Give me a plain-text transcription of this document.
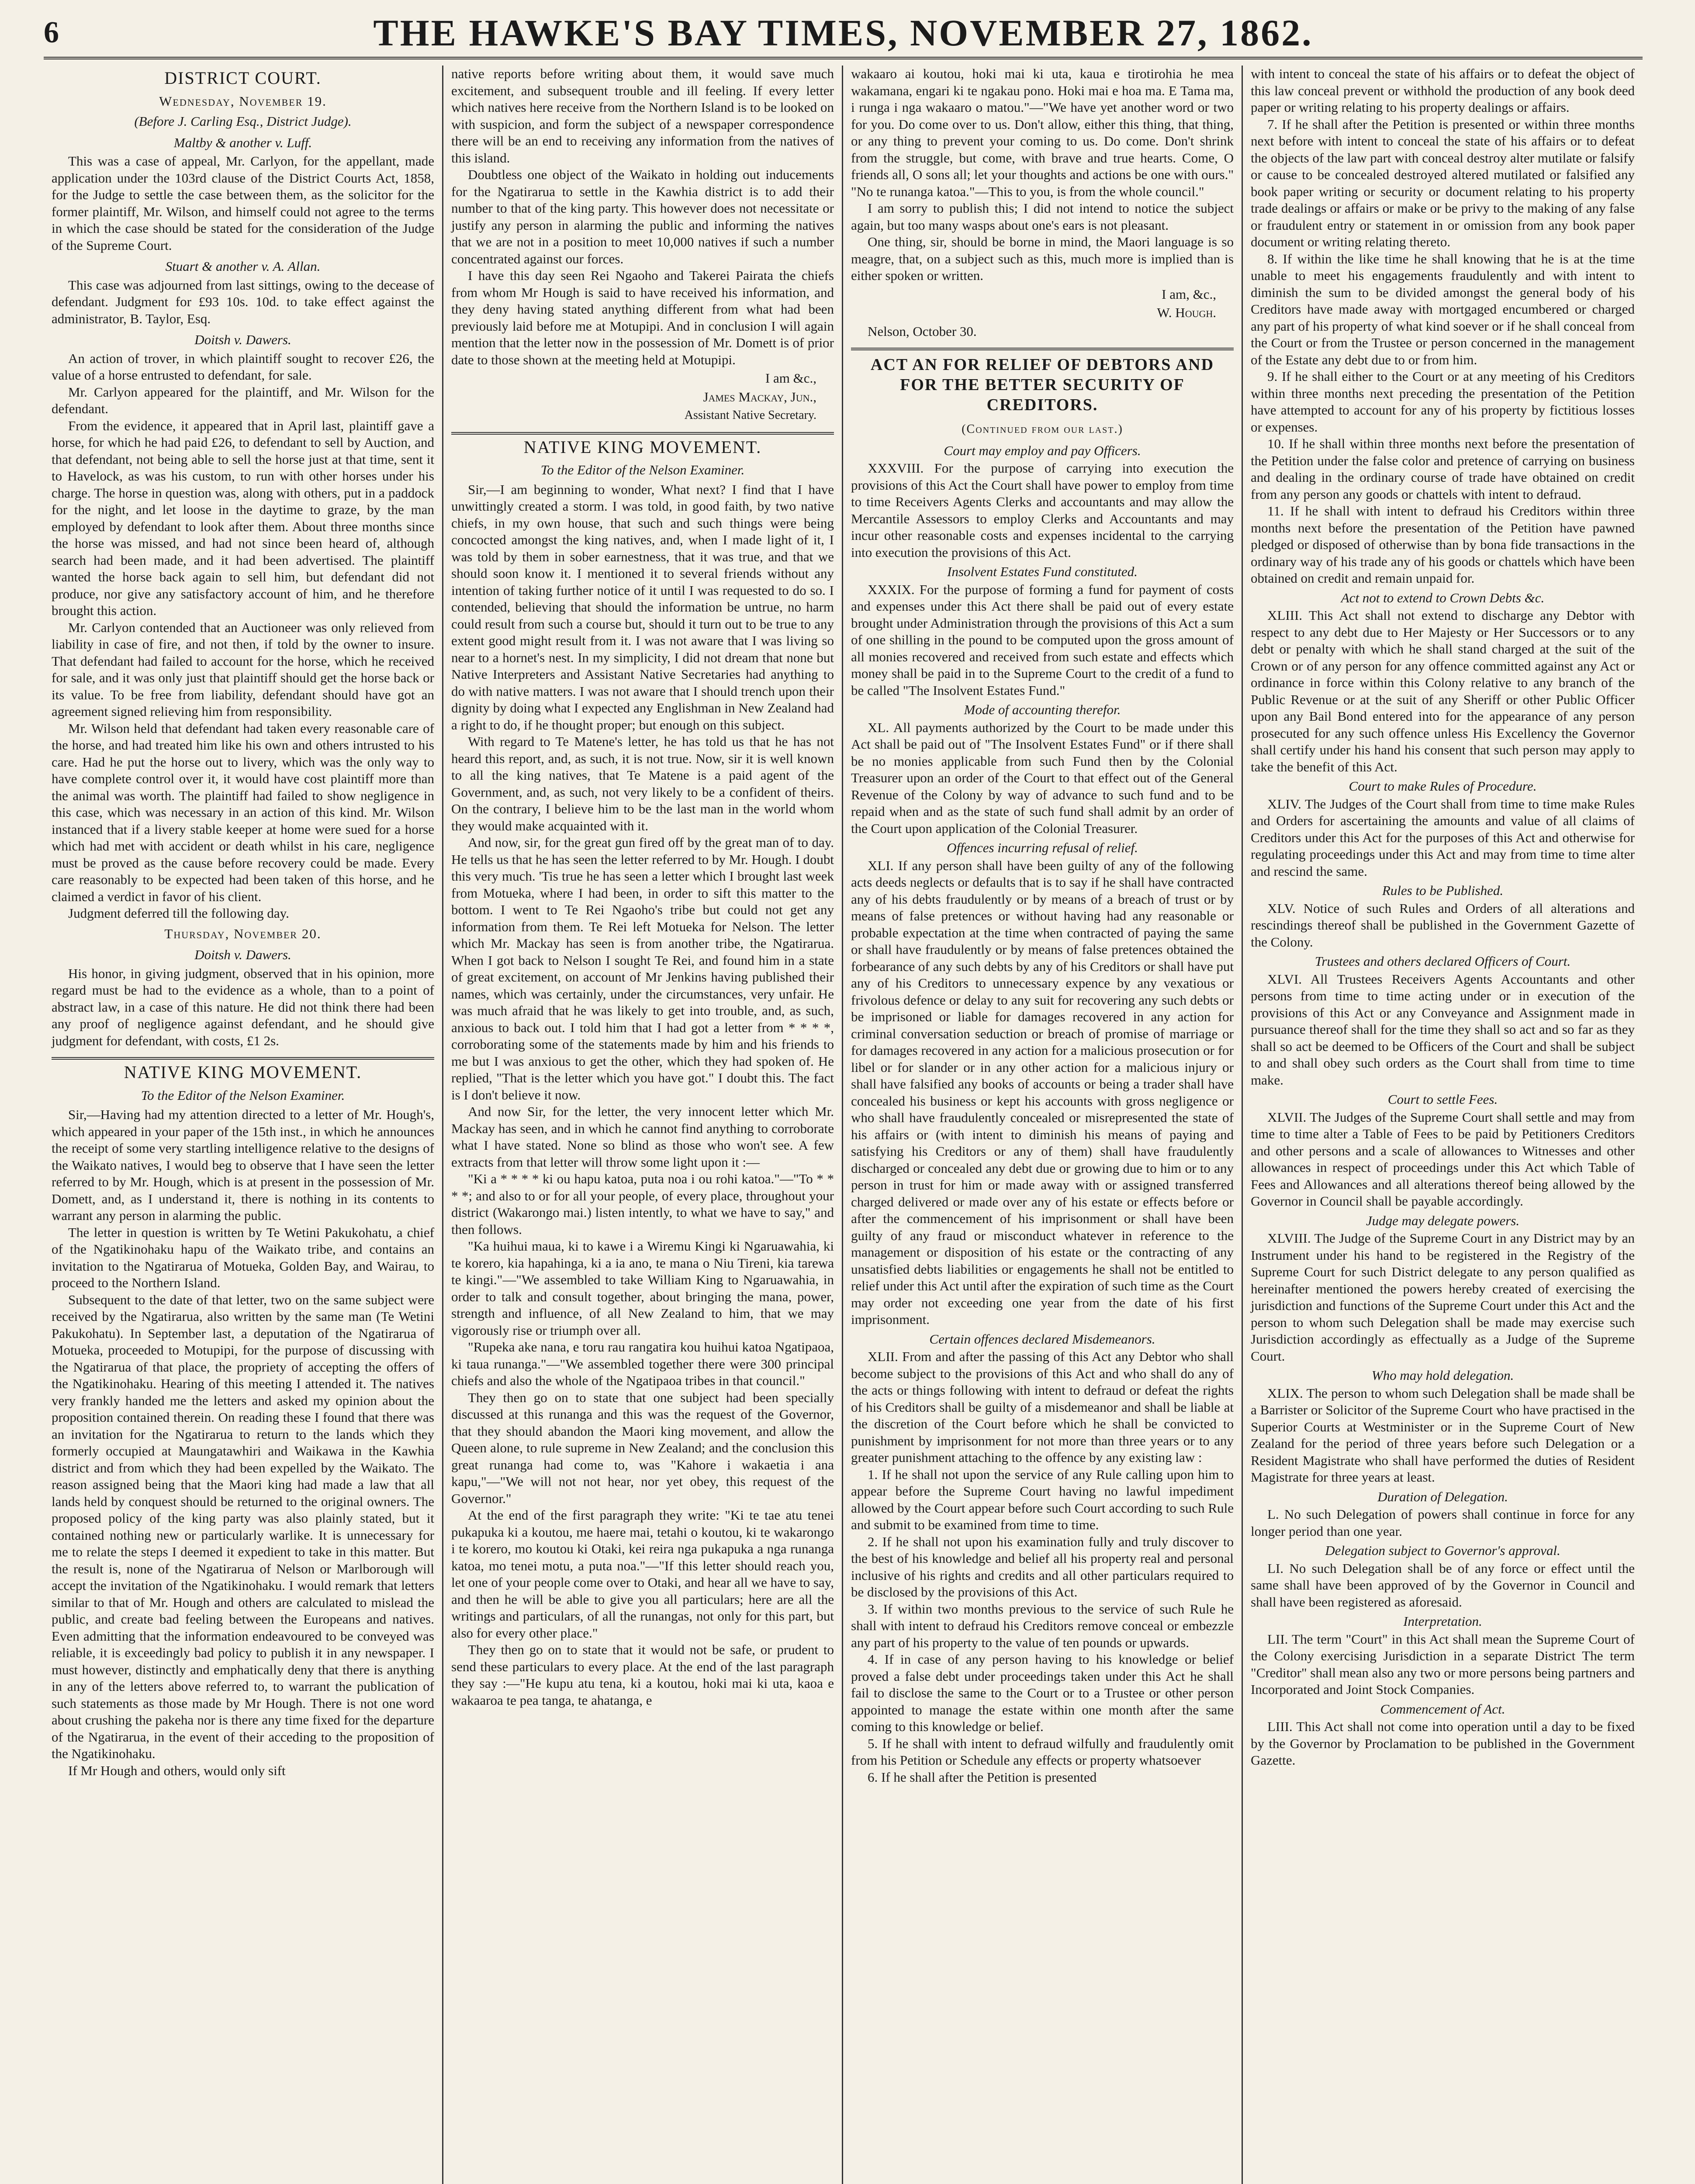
6	THE HAWKE'S BAY TIMES, NOVEMBER 27, 1862.
DISTRICT COURT.
Wednesday, November 19.
(Before J. Carling Esq., District Judge).
Maltby & another v. Luff.

This was a case of appeal, Mr. Carlyon, for the appellant, made application under the 103rd clause of the District Courts Act, 1858, for the Judge to settle the case between them, as the solicitor for the former plaintiff, Mr. Wilson, and himself could not agree to the terms in which the case should be stated for the consideration of the Judge of the Supreme Court.

Stuart & another v. A. Allan.

This case was adjourned from last sittings, owing to the decease of defendant. Judgment for £93 10s. 10d. to take effect against the administrator, B. Taylor, Esq.

Doitsh v. Dawers.

An action of trover, in which plaintiff sought to recover £26, the value of a horse entrusted to defendant, for sale.

Mr. Carlyon appeared for the plaintiff, and Mr. Wilson for the defendant.

From the evidence, it appeared that in April last, plaintiff gave a horse, for which he had paid £26, to defendant to sell by Auction, and that defendant, not being able to sell the horse just at that time, sent it to Havelock, as was his custom, to run with other horses under his charge. The horse in question was, along with others, put in a paddock for the night, and let loose in the daytime to graze, by the man employed by defendant to look after them. About three months since the horse was missed, and had not since been heard of, although search had been made, and it had been advertised. The plaintiff wanted the horse back again to sell him, but defendant did not produce, nor give any satisfactory account of him, and he therefore brought this action.

Mr. Carlyon contended that an Auctioneer was only relieved from liability in case of fire, and not then, if told by the owner to insure. That defendant had failed to account for the horse, which he received for sale, and it was only just that plaintiff should get the horse back or its value. To be free from liability, defendant should have got an agreement signed relieving him from responsibility.

Mr. Wilson held that defendant had taken every reasonable care of the horse, and had treated him like his own and others intrusted to his care. Had he put the horse out to livery, which was the only way to have complete control over it, it would have cost plaintiff more than the animal was worth. The plaintiff had failed to show negligence in this case, which was necessary in an action of this kind. Mr. Wilson instanced that if a livery stable keeper at home were sued for a horse which had met with accident or death whilst in his care, negligence must be proved as the cause before recovery could be made. Every care reasonably to be expected had been taken of this horse, and he claimed a verdict in favor of his client.

Judgment deferred till the following day.

Thursday, November 20.
Doitsh v. Dawers.

His honor, in giving judgment, observed that in his opinion, more regard must be had to the evidence as a whole, than to a point of abstract law, in a case of this nature. He did not think there had been any proof of negligence against defendant, and he should give judgment for defendant, with costs, £1 2s.

NATIVE KING MOVEMENT.
To the Editor of the Nelson Examiner.

Sir,—Having had my attention directed to a letter of Mr. Hough's, which appeared in your paper of the 15th inst., in which he announces the receipt of some very startling intelligence relative to the designs of the Waikato natives, I would beg to observe that I have seen the letter referred to by Mr. Hough, which is at present in the possession of Mr. Domett, and, as I understand it, there is nothing in its contents to warrant any person in alarming the public.

The letter in question is written by Te Wetini Pakukohatu, a chief of the Ngatikinohaku hapu of the Waikato tribe, and contains an invitation to the Ngatirarua of Motueka, Golden Bay, and Wairau, to proceed to the Northern Island.

Subsequent to the date of that letter, two on the same subject were received by the Ngatirarua, also written by the same man (Te Wetini Pakukohatu). In September last, a deputation of the Ngatirarua of Motueka, proceeded to Motupipi, for the purpose of discussing with the Ngatirarua of that place, the propriety of accepting the offers of the Ngatikinohaku. Hearing of this meeting I attended it. The natives very frankly handed me the letters and asked my opinion about the proposition contained therein. On reading these I found that there was an invitation for the Ngatirarua to return to the lands which they formerly occupied at Maungatawhiri and Waikawa in the Kawhia district and from which they had been expelled by the Waikato. The reason assigned being that the Maori king had made a law that all lands held by conquest should be returned to the original owners. The proposed policy of the king party was also plainly stated, but it contained nothing new or particularly warlike. It is unnecessary for me to relate the steps I deemed it expedient to take in this matter. But the result is, none of the Ngatirarua of Nelson or Marlborough will accept the invitation of the Ngatikinohaku. I would remark that letters similar to that of Mr. Hough and others are calculated to mislead the public, and create bad feeling between the Europeans and natives. Even admitting that the information endeavoured to be conveyed was reliable, it is exceedingly bad policy to publish it in any newspaper. I must however, distinctly and emphatically deny that there is anything in any of the letters above referred to, to warrant the publication of such statements as those made by Mr Hough. There is not one word about crushing the pakeha nor is there any time fixed for the departure of the Ngatirarua, in the event of their acceding to the proposition of the Ngatikinohaku.

If Mr Hough and others, would only sift

native reports before writing about them, it would save much excitement, and subsequent trouble and ill feeling. If every letter which natives here receive from the Northern Island is to be looked on with suspicion, and form the subject of a newspaper correspondence there will be an end to receiving any information from the natives of this island.

Doubtless one object of the Waikato in holding out inducements for the Ngatirarua to settle in the Kawhia district is to add their number to that of the king party. This however does not necessitate or justify any person in alarming the public and informing the natives that we are not in a position to meet 10,000 natives if such a number concentrated against our forces.

I have this day seen Rei Ngaoho and Takerei Pairata the chiefs from whom Mr Hough is said to have received his information, and they deny having stated anything different from what had been previously laid before me at Motupipi. And in conclusion I will again mention that the letter now in the possession of Mr. Domett is of prior date to those shown at the meeting held at Motupipi.

I am &c.,
James Mackay, Jun.,
Assistant Native Secretary.
NATIVE KING MOVEMENT.
To the Editor of the Nelson Examiner.

Sir,—I am beginning to wonder, What next? I find that I have unwittingly created a storm. I was told, in good faith, by two native chiefs, in my own house, that such and such things were being concocted amongst the king natives, and, when I made light of it, I was told by them in sober earnestness, that it was true, and that we should soon know it. I mentioned it to several friends without any intention of taking further notice of it until I was requested to do so. I contended, believing that should the information be untrue, no harm could result from such a course but, should it turn out to be true to any extent good might result from it. I was not aware that I was living so near to a hornet's nest. In my simplicity, I did not dream that none but Native Interpreters and Assistant Native Secretaries had anything to do with native matters. I was not aware that I should trench upon their dignity by doing what I expected any Englishman in New Zealand had a right to do, if he thought proper; but enough on this subject.

With regard to Te Matene's letter, he has told us that he has not heard this report, and, as such, it is not true. Now, sir it is well known to all the king natives, that Te Matene is a paid agent of the Government, and, as such, not very likely to be a confident of theirs. On the contrary, I believe him to be the last man in the world whom they would make acquainted with it.

And now, sir, for the great gun fired off by the great man of to day. He tells us that he has seen the letter referred to by Mr. Hough. I doubt this very much. 'Tis true he has seen a letter which I brought last week from Motueka, where I had been, in order to sift this matter to the bottom. I went to Te Rei Ngaoho's tribe but could not get any information from them. Te Rei left Motueka for Nelson. The letter which Mr. Mackay has seen is from another tribe, the Ngatirarua. When I got back to Nelson I sought Te Rei, and found him in a state of great excitement, on account of Mr Jenkins having published their names, which was certainly, under the circumstances, very unfair. He was much afraid that he was likely to get into trouble, and, as such, anxious to back out. I told him that I had got a letter from * * * *, corroborating some of the statements made by him and his friends to me but I was anxious to get the other, which they had spoken of. He replied, "That is the letter which you have got." I doubt this. The fact is I don't believe it now.

And now Sir, for the letter, the very innocent letter which Mr. Mackay has seen, and in which he cannot find anything to corroborate what I have stated. None so blind as those who won't see. A few extracts from that letter will throw some light upon it :—

"Ki a * * * * ki ou hapu katoa, puta noa i ou rohi katoa."—"To * * * *; and also to or for all your people, of every place, throughout your district (Wakarongo mai.) listen intently, to what we have to say," and then follows.

"Ka huihui maua, ki to kawe i a Wiremu Kingi ki Ngaruawahia, ki te korero, kia hapahinga, ki a ia ano, te mana o Niu Tireni, kia tarewa te kingi."—"We assembled to take William King to Ngaruawahia, in order to talk and consult together, about bringing the mana, power, strength and influence, of all New Zealand to him, that we may vigorously rise or triumph over all.

"Rupeka ake nana, e toru rau rangatira kou huihui katoa Ngatipaoa, ki taua runanga."—"We assembled together there were 300 principal chiefs and also the whole of the Ngatipaoa tribes in that council."

They then go on to state that one subject had been specially discussed at this runanga and this was the request of the Governor, that they should abandon the Maori king movement, and allow the Queen alone, to rule supreme in New Zealand; and the conclusion this great runanga had come to, was "Kahore i wakaetia i ana kapu,"—"We will not not hear, nor yet obey, this request of the Governor."

At the end of the first paragraph they write: "Ki te tae atu tenei pukapuka ki a koutou, me haere mai, tetahi o koutou, ki te wakarongo i te korero, mo koutou ki Otaki, kei reira nga pukapuka a nga runanga katoa, mo tenei motu, a puta noa."—"If this letter should reach you, let one of your people come over to Otaki, and hear all we have to say, and then he will be able to give you all particulars; here are all the writings and particulars, of all the runangas, not only for this part, but also for every other place."

They then go on to state that it would not be safe, or prudent to send these particulars to every place. At the end of the last paragraph they say :—"He kupu atu tena, ki a koutou, hoki mai ki uta, kaoa e wakaaroa te pea tanga, te ahatanga, e

wakaaro ai koutou, hoki mai ki uta, kaua e tirotirohia he mea wakamana, engari ki te ngakau pono. Hoki mai e hoa ma. E Tama ma, i runga i nga wakaaro o matou."—"We have yet another word or two for you. Do come over to us. Don't allow, either this thing, that thing, or any thing to prevent your coming to us. Do come. Don't shrink from the struggle, but come, with brave and true hearts. Come, O friends all, O sons all; let your thoughts and actions be one with ours." "No te runanga katoa."—This to you, is from the whole council."

I am sorry to publish this; I did not intend to notice the subject again, but too many wasps about one's ears is not pleasant.

One thing, sir, should be borne in mind, the Maori language is so meagre, that, on a subject such as this, much more is implied than is either spoken or written.

I am, &c.,
W. Hough.

Nelson, October 30.

ACT AN FOR RELIEF OF DEBTORS AND FOR THE BETTER SECURITY OF CREDITORS.
(Continued from our last.)
Court may employ and pay Officers.

XXXVIII. For the purpose of carrying into execution the provisions of this Act the Court shall have power to employ from time to time Receivers Agents Clerks and accountants and may allow the Mercantile Assessors to employ Clerks and Accountants and may incur other reasonable costs and expenses incidental to the carrying into execution the provisions of this Act.

Insolvent Estates Fund constituted.

XXXIX. For the purpose of forming a fund for payment of costs and expenses under this Act there shall be paid out of every estate brought under Administration through the provisions of this Act a sum of one shilling in the pound to be computed upon the gross amount of all monies recovered and received from such estate and effects which money shall be paid in to the Supreme Court to the credit of a fund to be called "The Insolvent Estates Fund."

Mode of accounting therefor.

XL. All payments authorized by the Court to be made under this Act shall be paid out of "The Insolvent Estates Fund" or if there shall be no monies applicable from such Fund then by the Colonial Treasurer upon an order of the Court to that effect out of the General Revenue of the Colony by way of advance to such fund and to be repaid when and as the state of such fund shall admit by an order of the Court upon application of the Colonial Treasurer.

Offences incurring refusal of relief.

XLI. If any person shall have been guilty of any of the following acts deeds neglects or defaults that is to say if he shall have contracted any of his debts fraudulently or by means of a breach of trust or by means of false pretences or without having had any reasonable or probable expectation at the time when contracted of paying the same or shall have fraudulently or by means of false pretences obtained the forbearance of any such debts by any of his Creditors or shall have put any of his Creditors to unnecessary expence by any vexatious or frivolous defence or delay to any suit for recovering any such debts or be imprisoned or liable for damages recovered in any action for criminal conversation seduction or breach of promise of marriage or for damages recovered in any action for a malicious prosecution or for libel or for slander or in any other action for a malicious injury or shall have falsified any books of accounts or being a trader shall have concealed his business or kept his accounts with gross negligence or who shall have fraudulently concealed or misrepresented the state of his affairs or (with intent to diminish his means of paying and satisfying his Creditors or any of them) shall have fraudulently discharged or concealed any debt due or growing due to him or to any person in trust for him or made away with or assigned transferred charged delivered or made over any of his estate or effects before or after the commencement of his imprisonment or shall have been guilty of any fraud or misconduct whatever in reference to the management or disposition of his estate or the contracting of any unsatisfied debts liabilities or engagements he shall not be entitled to relief under this Act until after the expiration of such time as the Court may order not exceeding one year from the date of his first imprisonment.

Certain offences declared Misdemeanors.

XLII. From and after the passing of this Act any Debtor who shall become subject to the provisions of this Act and who shall do any of the acts or things following with intent to defraud or defeat the rights of his Creditors shall be guilty of a misdemeanor and shall be liable at the discretion of the Court before which he shall be convicted to punishment by imprisonment for not more than three years or to any greater punishment attaching to the offence by any existing law :

1. If he shall not upon the service of any Rule calling upon him to appear before the Supreme Court having no lawful impediment allowed by the Court appear before such Court according to such Rule and submit to be examined from time to time.

2. If he shall not upon his examination fully and truly discover to the best of his knowledge and belief all his property real and personal inclusive of his rights and credits and all other particulars required to be disclosed by the provisions of this Act.

3. If within two months previous to the service of such Rule he shall with intent to defraud his Creditors remove conceal or embezzle any part of his property to the value of ten pounds or upwards.

4. If in case of any person having to his knowledge or belief proved a false debt under proceedings taken under this Act he shall fail to disclose the same to the Court or to a Trustee or other person appointed to manage the estate within one month after the same coming to this knowledge or belief.

5. If he shall with intent to defraud wilfully and fraudulently omit from his Petition or Schedule any effects or property whatsoever

6. If he shall after the Petition is presented

with intent to conceal the state of his affairs or to defeat the object of this law conceal prevent or withhold the production of any book deed paper or writing relating to his property dealings or affairs.

7. If he shall after the Petition is presented or within three months next before with intent to conceal the state of his affairs or to defeat the objects of the law part with conceal destroy alter mutilate or falsify or cause to be concealed destroyed altered mutilated or falsified any book paper writing or security or document relating to his property trade dealings or affairs or make or be privy to the making of any false or fraudulent entry or statement in or omission from any book paper document or writing relating thereto.

8. If within the like time he shall knowing that he is at the time unable to meet his engagements fraudulently and with intent to diminish the sum to be divided amongst the general body of his Creditors have made away with mortgaged encumbered or charged any part of his property of what kind soever or if he shall conceal from the Court or from the Trustee or person concerned in the management of the Estate any debt due to or from him.

9. If he shall either to the Court or at any meeting of his Creditors within three months next preceding the presentation of the Petition have attempted to account for any of his property by fictitious losses or expenses.

10. If he shall within three months next before the presentation of the Petition under the false color and pretence of carrying on business and dealing in the ordinary course of trade have obtained on credit from any person any goods or chattels with intent to defraud.

11. If he shall with intent to defraud his Creditors within three months next before the presentation of the Petition have pawned pledged or disposed of otherwise than by bona fide transactions in the ordinary way of his trade any of his goods or chattels which have been obtained on credit and remain unpaid for.

Act not to extend to Crown Debts &c.

XLIII. This Act shall not extend to discharge any Debtor with respect to any debt due to Her Majesty or Her Successors or to any debt or penalty with which he shall stand charged at the suit of the Crown or of any person for any offence committed against any Act or ordinance in force within this Colony relative to any branch of the Public Revenue or at the suit of any Sheriff or other Public Officer upon any Bail Bond entered into for the appearance of any person prosecuted for any such offence unless His Excellency the Governor shall certify under his hand his consent that such person may apply to take the benefit of this Act.

Court to make Rules of Procedure.

XLIV. The Judges of the Court shall from time to time make Rules and Orders for ascertaining the amounts and value of all claims of Creditors under this Act for the purposes of this Act and otherwise for regulating proceedings under this Act and may from time to time alter and rescind the same.

Rules to be Published.

XLV. Notice of such Rules and Orders of all alterations and rescindings thereof shall be published in the Government Gazette of the Colony.

Trustees and others declared Officers of Court.

XLVI. All Trustees Receivers Agents Accountants and other persons from time to time acting under or in execution of the provisions of this Act or any Conveyance and Assignment made in pursuance thereof shall for the time they shall so act and so far as they shall so act be deemed to be Officers of the Court and shall be subject to and shall obey such orders as the Court shall from time to time make.

Court to settle Fees.

XLVII. The Judges of the Supreme Court shall settle and may from time to time alter a Table of Fees to be paid by Petitioners Creditors and other persons and a scale of allowances to Witnesses and other allowances in respect of proceedings under this Act which Table of Fees and Allowances and all alterations thereof being allowed by the Governor in Council shall be payable accordingly.

Judge may delegate powers.

XLVIII. The Judge of the Supreme Court in any District may by an Instrument under his hand to be registered in the Registry of the Supreme Court for such District delegate to any person qualified as hereinafter mentioned the powers hereby created of exercising the jurisdiction and functions of the Supreme Court under this Act and the person to whom such Delegation shall be made may exercise such Jurisdiction accordingly as effectually as a Judge of the Supreme Court.

Who may hold delegation.

XLIX. The person to whom such Delegation shall be made shall be a Barrister or Solicitor of the Supreme Court who have practised in the Superior Courts at Westminister or in the Supreme Court of New Zealand for the period of three years before such Delegation or a Resident Magistrate who shall have performed the duties of Resident Magistrate for three years at least.

Duration of Delegation.

L. No such Delegation of powers shall continue in force for any longer period than one year.

Delegation subject to Governor's approval.

LI. No such Delegation shall be of any force or effect until the same shall have been approved of by the Governor in Council and shall have been registered as aforesaid.

Interpretation.

LII. The term "Court" in this Act shall mean the Supreme Court of the Colony exercising Jurisdiction in a separate District The term "Creditor" shall mean also any two or more persons being partners and Incorporated and Joint Stock Companies.

Commencement of Act.

LIII. This Act shall not come into operation until a day to be fixed by the Governor by Proclamation to be published in the Government Gazette.
